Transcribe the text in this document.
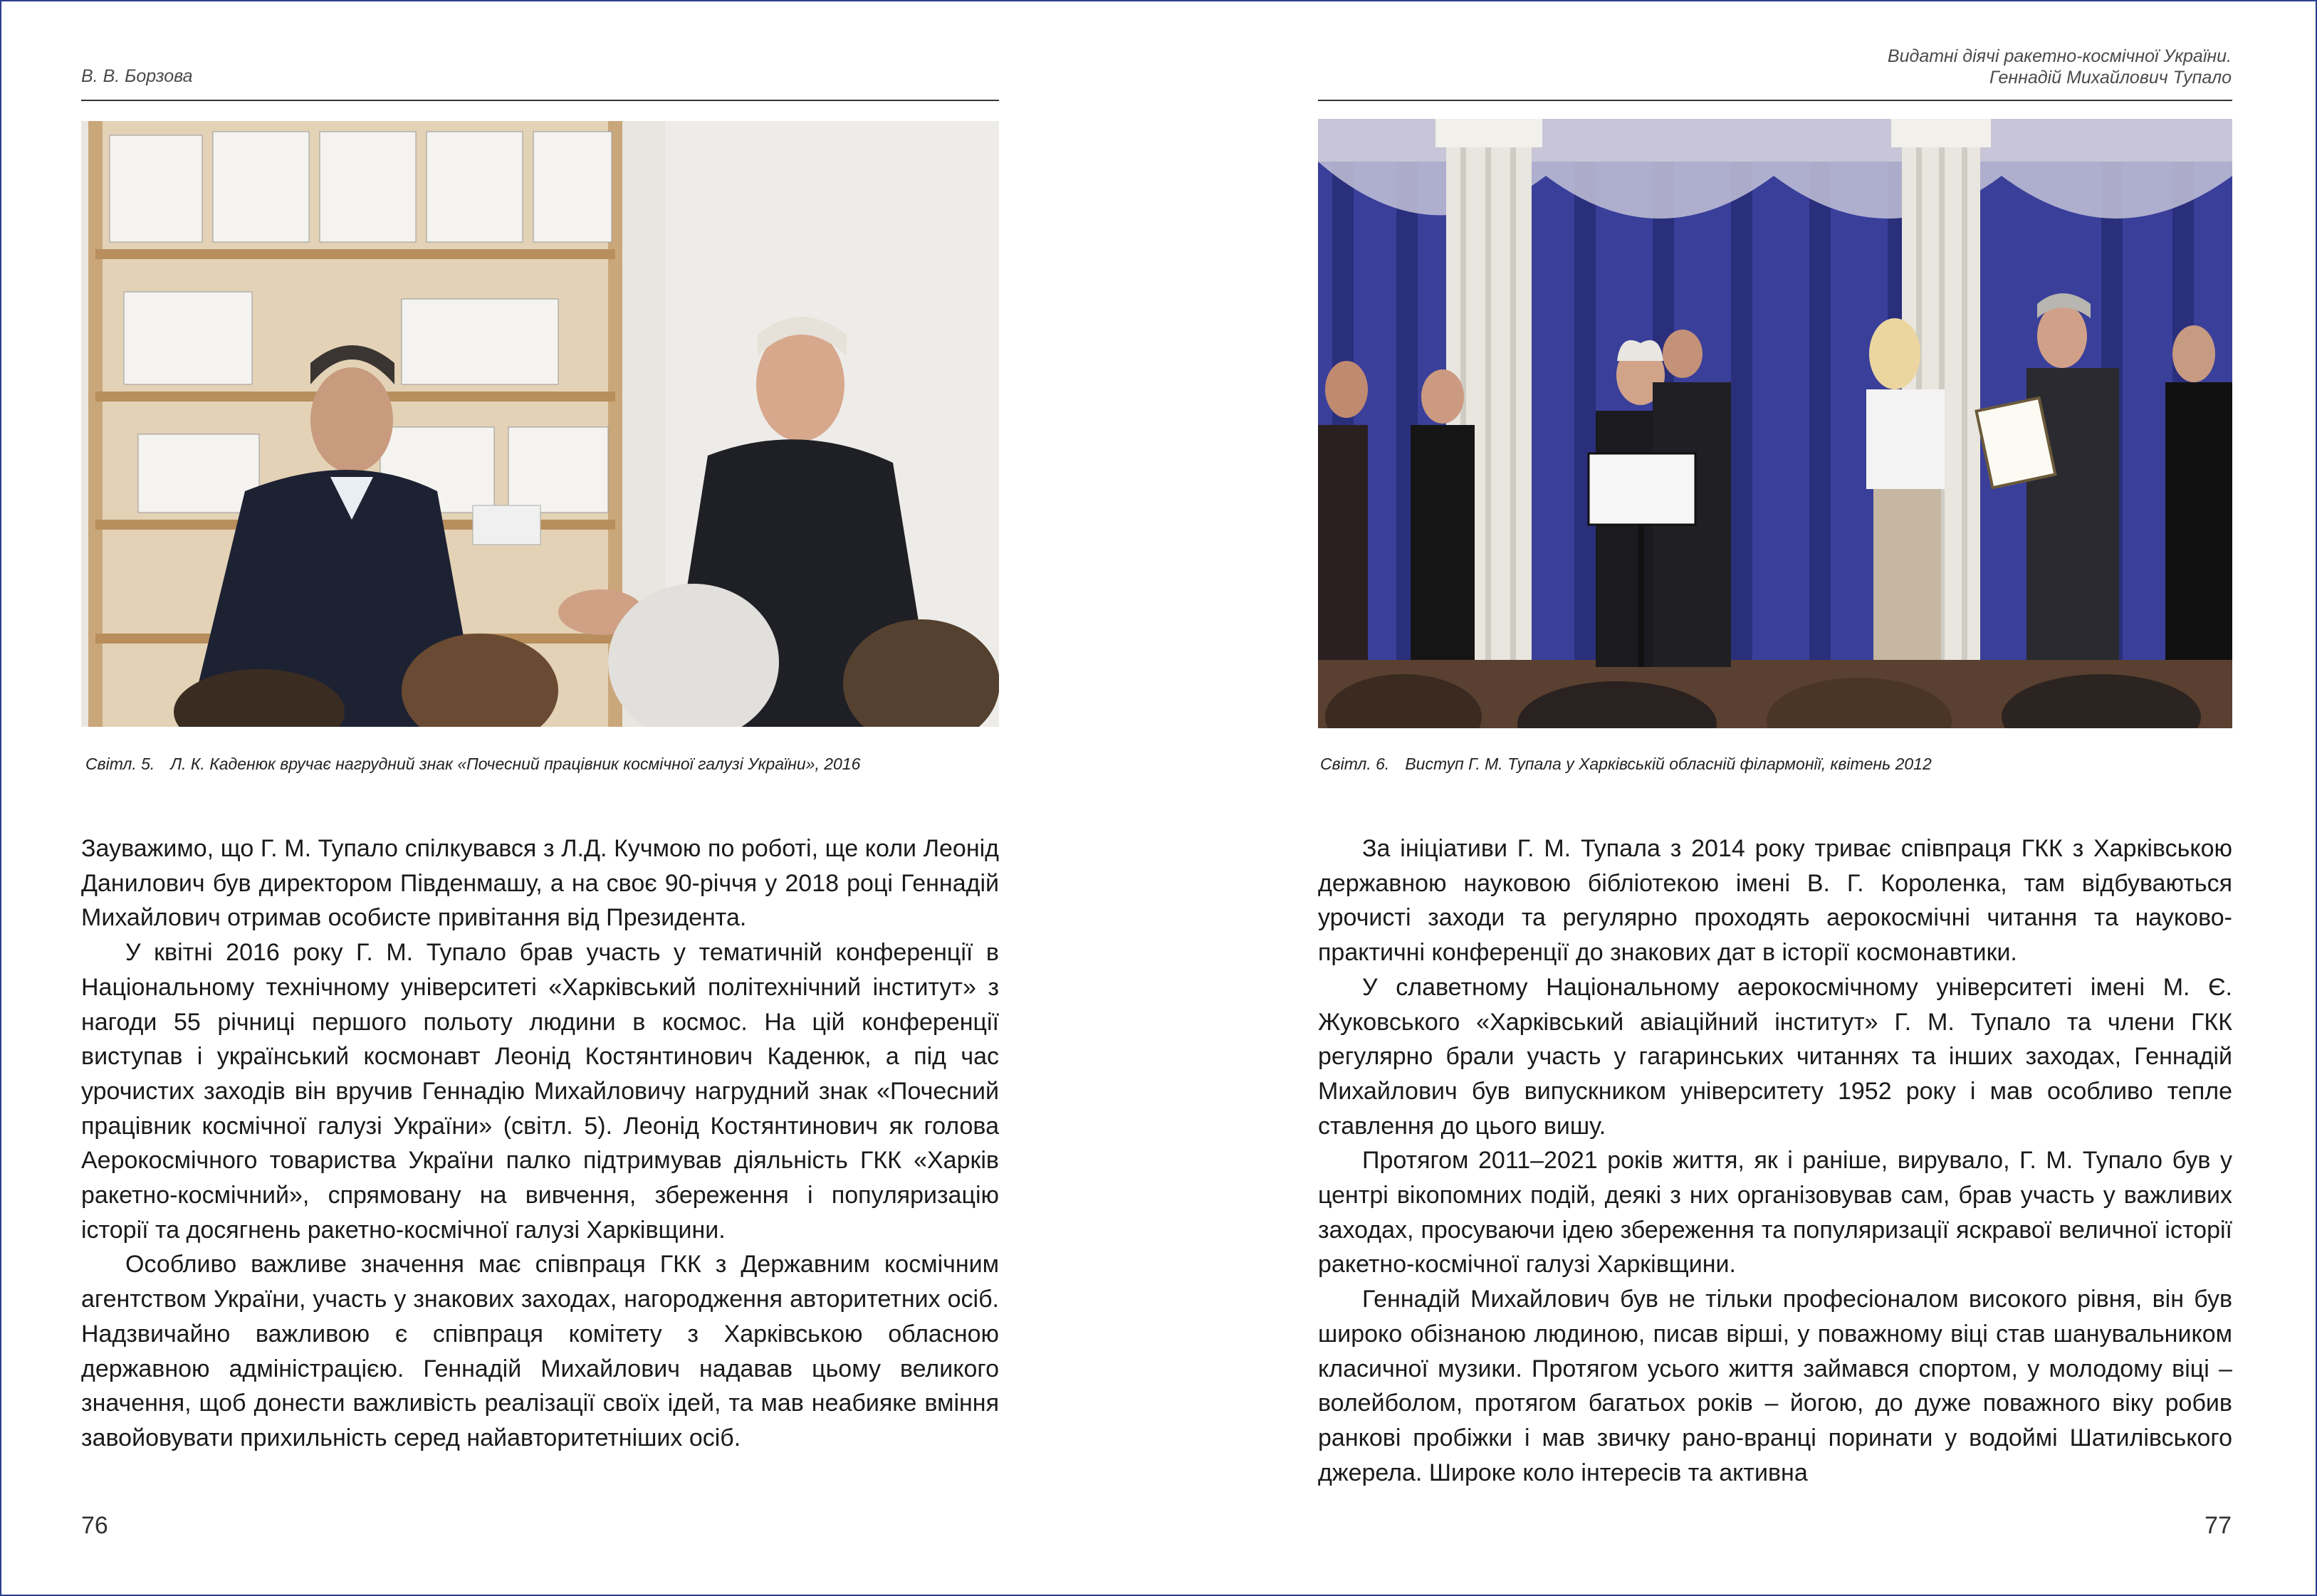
В. В. Борзова
Світл. 5. Л. К. Каденюк вручає нагрудний знак «Почесний працівник космічної галузі України», 2016

Зауважимо, що Г. М. Тупало спілкувався з Л.Д. Кучмою по роботі, ще коли Леонід Данилович був директором Південмашу, а на своє 90-річчя у 2018 році Геннадій Михайлович отримав особисте привітання від Президента.

У квітні 2016 року Г. М. Тупало брав участь у тематичній конференції в Національному технічному університеті «Харківський політехнічний інститут» з нагоди 55 річниці першого польоту людини в космос. На цій конференції виступав і український космонавт Леонід Костянтинович Каденюк, а під час урочистих заходів він вручив Геннадію Михайловичу нагрудний знак «Почесний працівник космічної галузі України» (світл. 5). Леонід Костянтинович як голова Аерокосмічного товариства України палко підтримував діяльність ГКК «Харків ракетно-космічний», спрямовану на вивчення, збереження і популяризацію історії та досягнень ракетно-космічної галузі Харківщини.

Особливо важливе значення має співпраця ГКК з Державним космічним агентством України, участь у знакових заходах, нагородження авторитетних осіб. Надзвичайно важливою є співпраця комітету з Харківською обласною державною адміністрацією. Геннадій Михайлович надавав цьому великого значення, щоб донести важливість реалізації своїх ідей, та мав неабияке вміння завойовувати прихильність серед найавторитетніших осіб.

76
Видатні діячі ракетно-космічної України.
Геннадій Михайлович Тупало
Світл. 6. Виступ Г. М. Тупала у Харківській обласній філармонії, квітень 2012

За ініціативи Г. М. Тупала з 2014 року триває співпраця ГКК з Харківською державною науковою бібліотекою імені В. Г. Короленка, там відбуваються урочисті заходи та регулярно проходять аерокосмічні читання та науково-практичні конференції до знакових дат в історії космонавтики.

У славетному Національному аерокосмічному університеті імені М. Є. Жуковського «Харківський авіаційний інститут» Г. М. Тупало та члени ГКК регулярно брали участь у гагаринських читаннях та інших заходах, Геннадій Михайлович був випускником університету 1952 року і мав особливо тепле ставлення до цього вишу.

Протягом 2011–2021 років життя, як і раніше, вирувало, Г. М. Тупало був у центрі вікопомних подій, деякі з них організовував сам, брав участь у важливих заходах, просуваючи ідею збереження та популяризації яскравої величної історії ракетно-космічної галузі Харківщини.

Геннадій Михайлович був не тільки професіоналом високого рівня, він був широко обізнаною людиною, писав вірші, у поважному віці став шанувальником класичної музики. Протягом усього життя займався спортом, у молодому віці – волейболом, протягом багатьох років – йогою, до дуже поважного віку робив ранкові пробіжки і мав звичку рано-вранці поринати у водоймі Шатилівського джерела. Широке коло інтересів та активна

77
